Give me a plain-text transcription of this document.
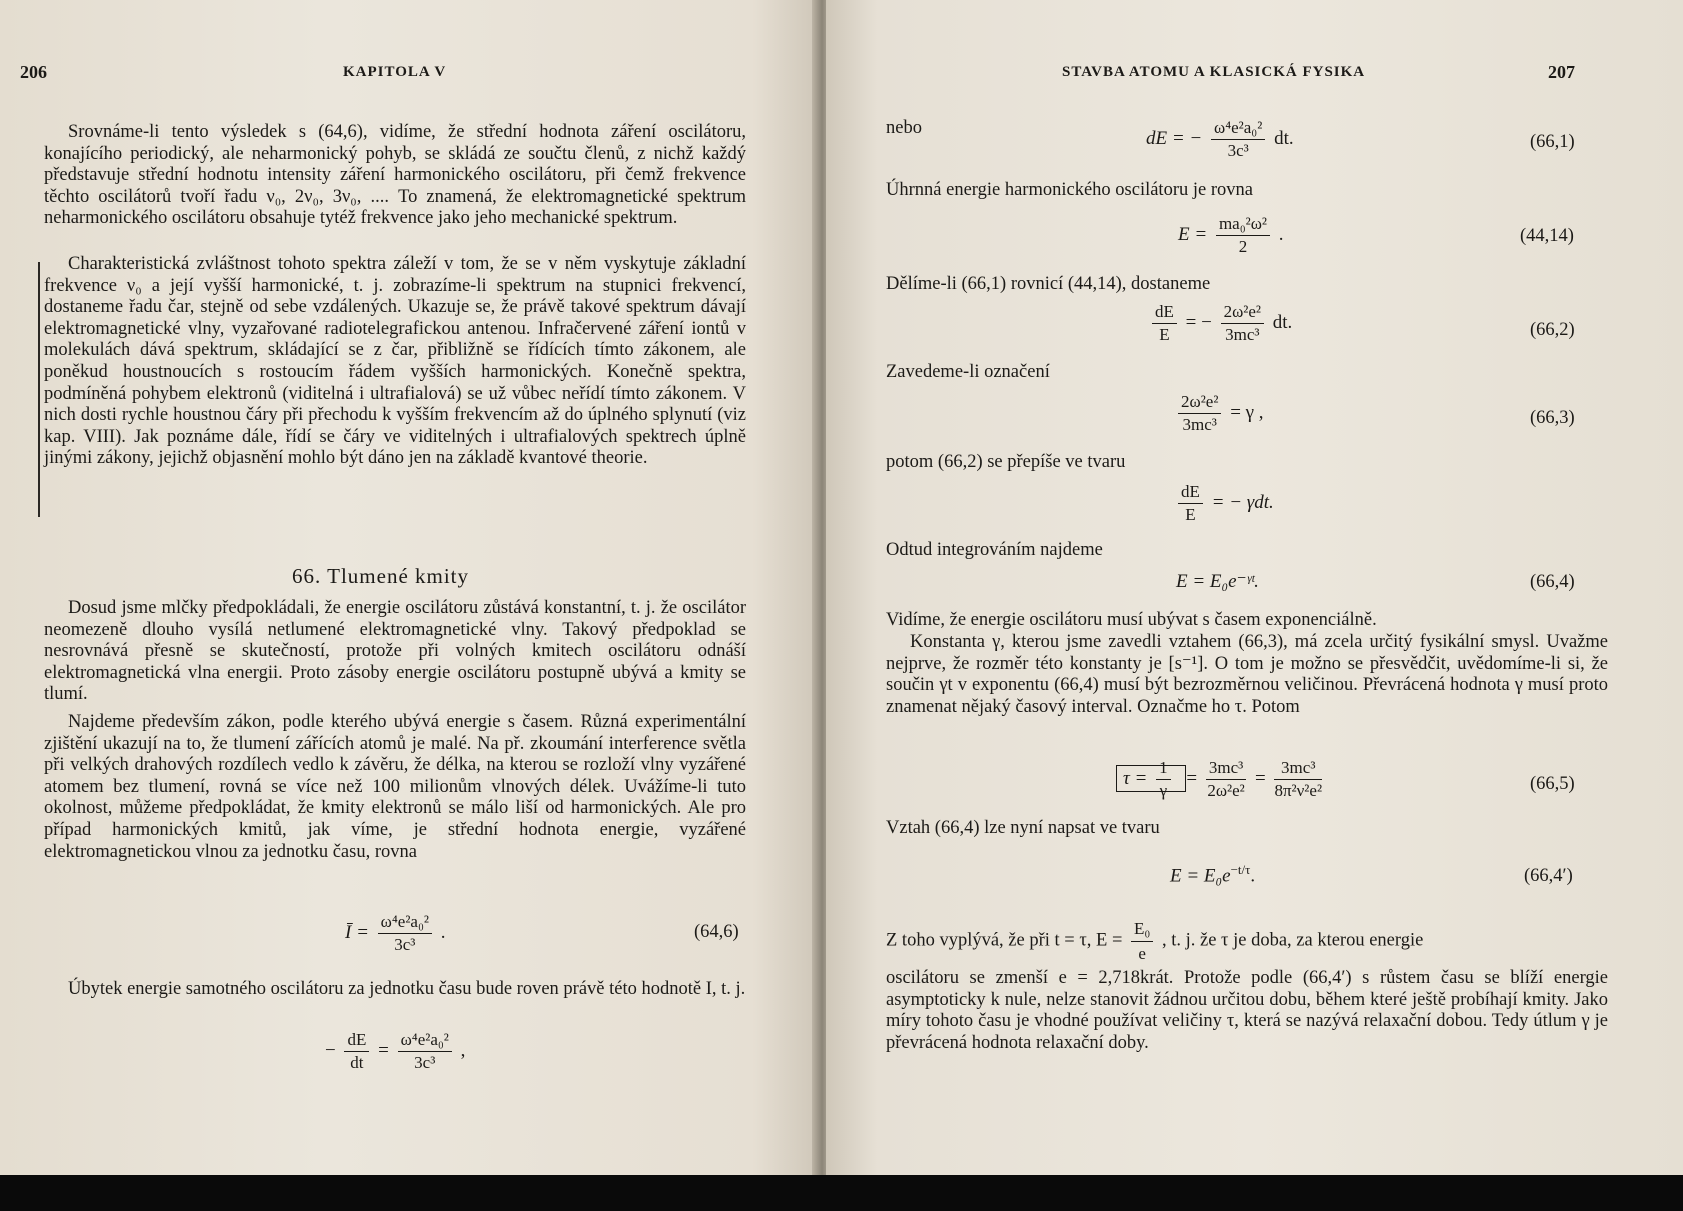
206	KAPITOLA V
Srovnáme-li tento výsledek s (64,6), vidíme, že střední hodnota záření oscilátoru, konajícího periodický, ale neharmonický pohyb, se skládá ze součtu členů, z nichž každý představuje střední hodnotu intensity záření harmonického oscilátoru, při čemž frekvence těchto oscilátorů tvoří řadu ν₀, 2ν₀, 3ν₀, .... To znamená, že elektromagnetické spektrum neharmonického oscilátoru obsahuje tytéž frekvence jako jeho mechanické spektrum.
Charakteristická zvláštnost tohoto spektra záleží v tom, že se v něm vyskytuje základní frekvence ν₀ a její vyšší harmonické, t. j. zobrazíme-li spektrum na stupnici frekvencí, dostaneme řadu čar, stejně od sebe vzdálených. Ukazuje se, že právě takové spektrum dávají elektromagnetické vlny, vyzařované radiotelegrafickou antenou. Infračervené záření iontů v molekulách dává spektrum, skládající se z čar, přibližně se řídících tímto zákonem, ale poněkud houstnoucích s rostoucím řádem vyšších harmonických. Konečně spektra, podmíněná pohybem elektronů (viditelná i ultrafialová) se už vůbec neřídí tímto zákonem. V nich dosti rychle houstnou čáry při přechodu k vyšším frekvencím až do úplného splynutí (viz kap. VIII). Jak poznáme dále, řídí se čáry ve viditelných i ultrafialových spektrech úplně jinými zákony, jejichž objasnění mohlo být dáno jen na základě kvantové theorie.
66. Tlumené kmity
Dosud jsme mlčky předpokládali, že energie oscilátoru zůstává konstantní, t. j. že oscilátor neomezeně dlouho vysílá netlumené elektromagnetické vlny. Takový předpoklad se nesrovnává přesně se skutečností, protože při volných kmitech oscilátoru odnáší elektromagnetická vlna energii. Proto zásoby energie oscilátoru postupně ubývá a kmity se tlumí.
Najdeme především zákon, podle kterého ubývá energie s časem. Různá experimentální zjištění ukazují na to, že tlumení zářících atomů je malé. Na př. zkoumání interference světla při velkých drahových rozdílech vedlo k závěru, že délka, na kterou se rozloží vlny vyzářené atomem bez tlumení, rovná se více než 100 milionům vlnových délek. Uvážíme-li tuto okolnost, můžeme předpokládat, že kmity elektronů se málo liší od harmonických. Ale pro případ harmonických kmitů, jak víme, je střední hodnota energie, vyzářené elektromagnetickou vlnou za jednotku času, rovna
Ī = $\frac{\text{ω⁴e²a₀²}}{\text{3c³}}$ .	(64,6)
Úbytek energie samotného oscilátoru za jednotku času bude roven právě této hodnotě I, t. j.
− $\frac{dE}{dt} = \frac{\text{ω⁴e²a₀²}}{\text{3c³}}$ ,
STAVBA ATOMU A KLASICKÁ FYSIKA	207
nebo	dE = − $\frac{\text{ω⁴e²a₀²}}{\text{3c³}}$ dt.	(66,1)
Úhrnná energie harmonického oscilátoru je rovna
$E = \frac{\text{ma₀²ω²}}{2}$ .	(44,14)
Dělíme-li (66,1) rovnicí (44,14), dostaneme
$\frac{dE}{E}$ = − $\frac{\text{2ω²e²}}{\text{3mc³}}$ dt.	(66,2)
Zavedeme-li označení
$\frac{\text{2ω²e²}}{\text{3mc³}} = \gamma$ ,	(66,3)
potom (66,2) se přepíše ve tvaru
$\frac{dE}{E}$ = − γdt.
Odtud integrováním najdeme
E = E₀e⁻ᵞᵗ.	(66,4)
Vidíme, že energie oscilátoru musí ubývat s časem exponenciálně.
Konstanta γ, kterou jsme zavedli vztahem (66,3), má zcela určitý fysikální smysl. Uvažme nejprve, že rozměr této konstanty je [s⁻¹]. O tom je možno se přesvědčit, uvědomíme-li si, že součin γt v exponentu (66,4) musí být bezrozměrnou veličinou. Převrácená hodnota γ musí proto znamenat nějaký časový interval. Označme ho τ. Potom
$\tau = \frac{1}{\gamma} = \frac{\text{3mc³}}{\text{2ω²e²}} = \frac{\text{3mc³}}{\text{8π²ν²e²}}$	(66,5)
Vztah (66,4) lze nyní napsat ve tvaru
$E = E_0e^{-t/\tau}$.	(66,4′)
Z toho vyplývá, že při t = τ, $E = \frac{\text{E₀}}{e}$ , t. j. že τ je doba, za kterou energie
oscilátoru se zmenší e = 2,718krát. Protože podle (66,4′) s růstem času se blíží energie asymptoticky k nule, nelze stanovit žádnou určitou dobu, během které ještě probíhají kmity. Jako míry tohoto času je vhodné používat veličiny τ, která se nazývá relaxační dobou. Tedy útlum γ je převrácená hodnota relaxační doby.
